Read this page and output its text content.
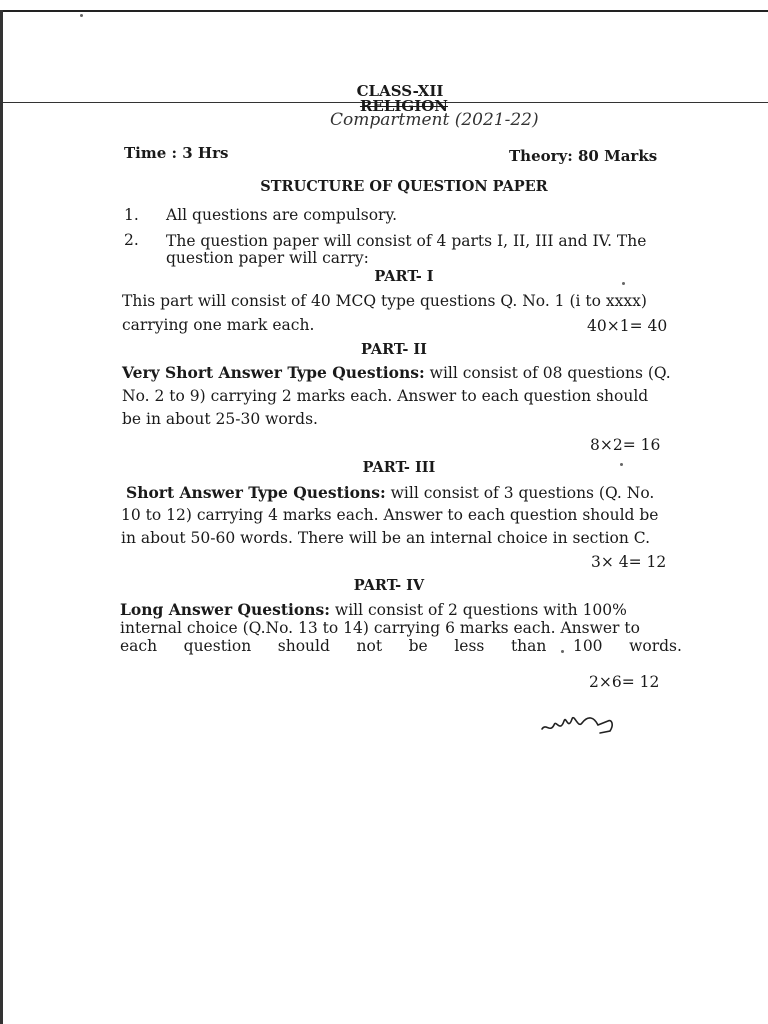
CLASS-XII
RELIGION
Compartment (2021-22)
Time : 3 Hrs	Theory: 80 Marks
STRUCTURE OF QUESTION PAPER
1. All questions are compulsory.
2. The question paper will consist of 4 parts I, II, III and IV. The
question paper will carry:
PART- I
This part will consist of 40 MCQ type questions Q. No. 1 (i to xxxx)
carrying one mark each.	40×1= 40
PART- II
Very Short Answer Type Questions: will consist of 08 questions (Q.
No. 2 to 9) carrying 2 marks each. Answer to each question should
be in about 25-30 words.
8×2= 16
PART- III
Short Answer Type Questions: will consist of 3 questions (Q. No.
10 to 12) carrying 4 marks each. Answer to each question should be
in about 50-60 words. There will be an internal choice in section C.
3× 4= 12
PART- IV
Long Answer Questions: will consist of 2 questions with 100%
internal choice (Q.No. 13 to 14) carrying 6 marks each. Answer to
each question should not be less than 100 words.
2×6= 12
